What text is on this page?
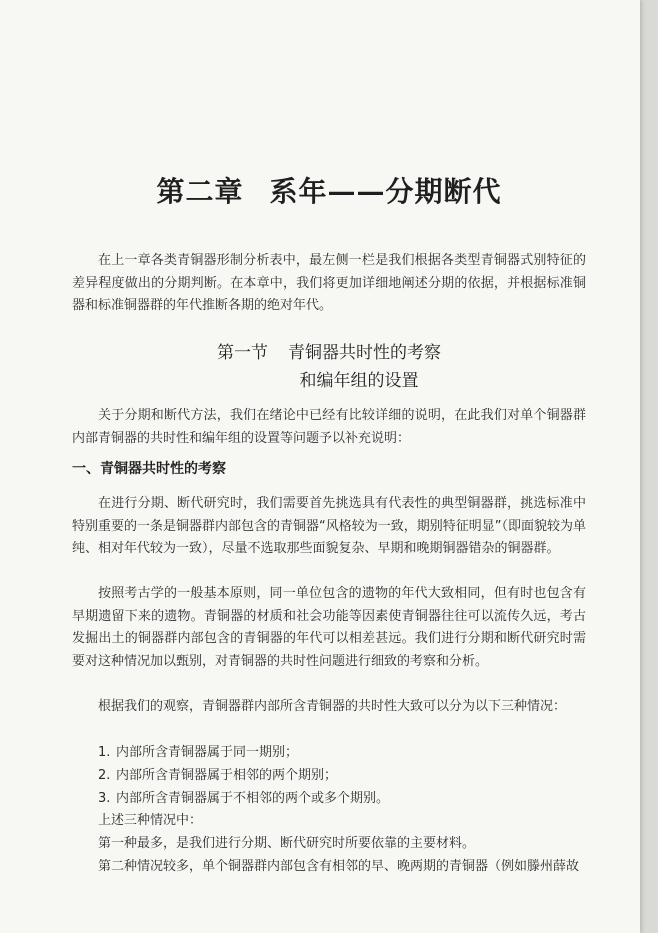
第二章 系年——分期断代

在上一章各类青铜器形制分析表中，最左侧一栏是我们根据各类型青铜器式别特征的差异程度做出的分期判断。在本章中，我们将更加详细地阐述分期的依据，并根据标准铜器和标准铜器群的年代推断各期的绝对年代。

第一节 青铜器共时性的考察
和编年组的设置

关于分期和断代方法，我们在绪论中已经有比较详细的说明，在此我们对单个铜器群内部青铜器的共时性和编年组的设置等问题予以补充说明：

一、青铜器共时性的考察

在进行分期、断代研究时，我们需要首先挑选具有代表性的典型铜器群，挑选标准中特别重要的一条是铜器群内部包含的青铜器“风格较为一致，期别特征明显”（即面貌较为单纯、相对年代较为一致），尽量不选取那些面貌复杂、早期和晚期铜器错杂的铜器群。

按照考古学的一般基本原则，同一单位包含的遗物的年代大致相同，但有时也包含有早期遗留下来的遗物。青铜器的材质和社会功能等因素使青铜器往往可以流传久远，考古发掘出土的铜器群内部包含的青铜器的年代可以相差甚远。我们进行分期和断代研究时需要对这种情况加以甄别，对青铜器的共时性问题进行细致的考察和分析。

根据我们的观察，青铜器群内部所含青铜器的共时性大致可以分为以下三种情况：

1. 内部所含青铜器属于同一期别；
2. 内部所含青铜器属于相邻的两个期别；
3. 内部所含青铜器属于不相邻的两个或多个期别。
上述三种情况中：
第一种最多，是我们进行分期、断代研究时所要依靠的主要材料。
第二种情况较多，单个铜器群内部包含有相邻的早、晚两期的青铜器（例如滕州薛故
